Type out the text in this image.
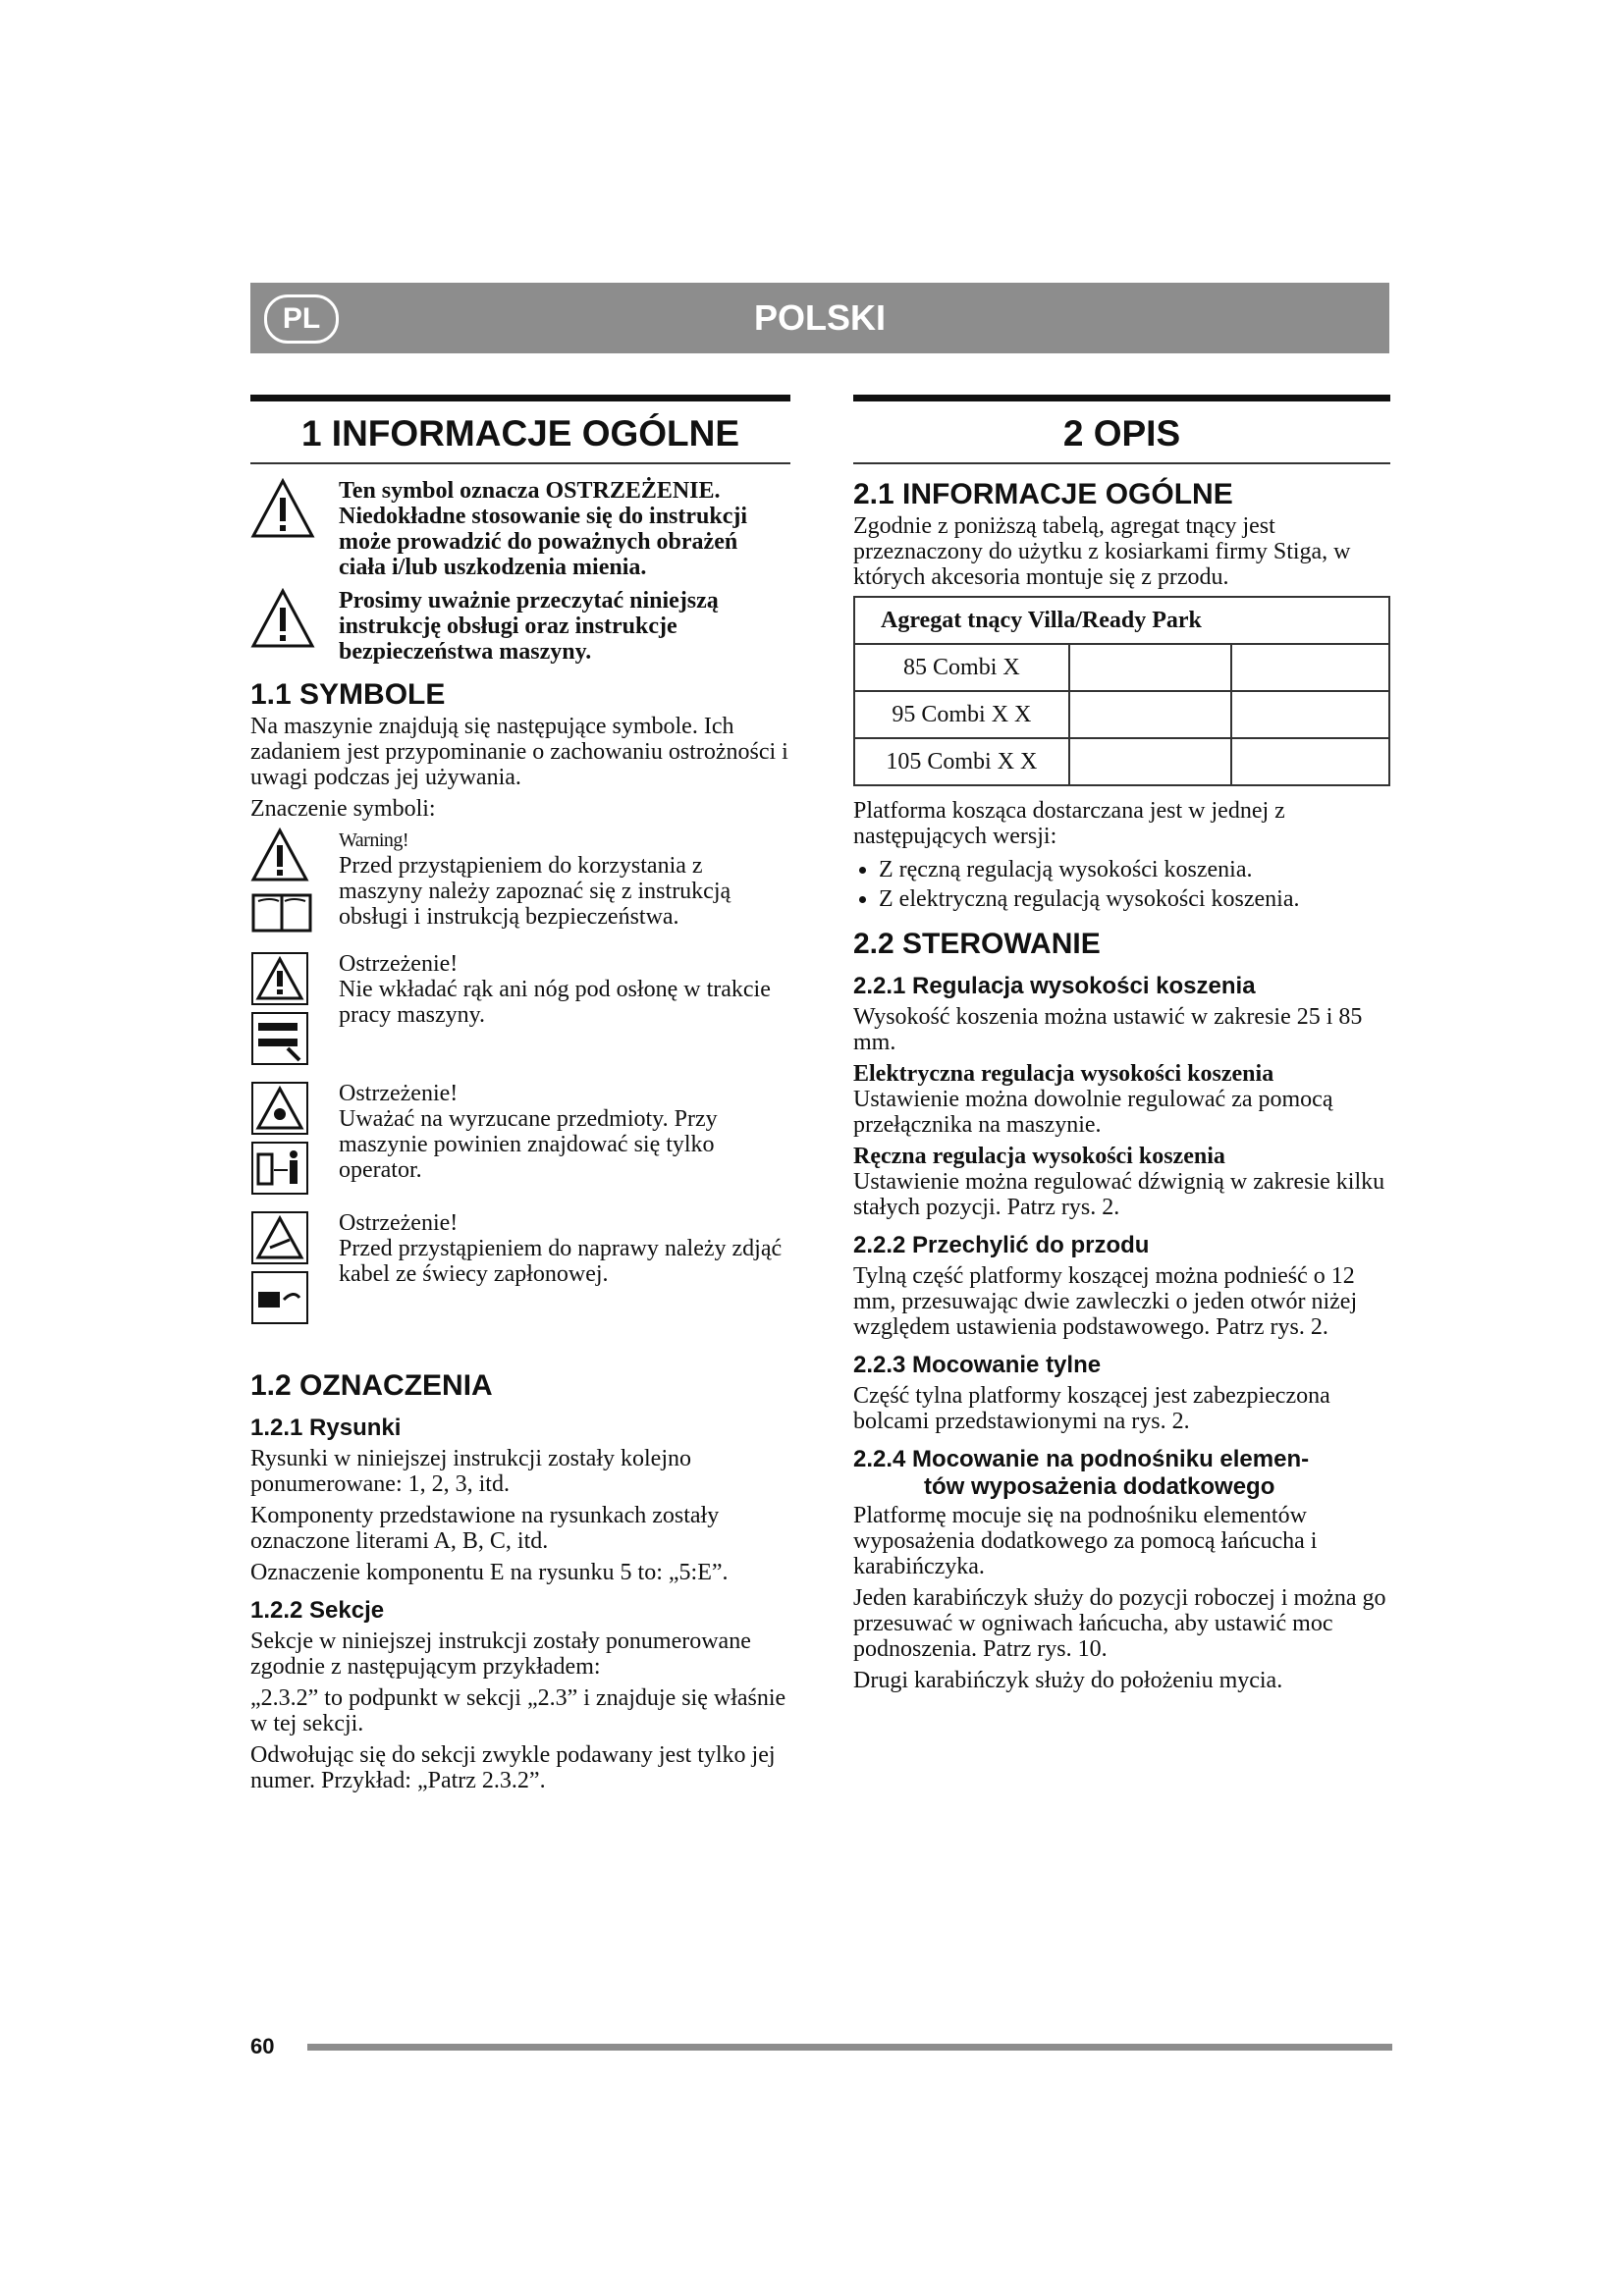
PL	POLSKI
1 INFORMACJE OGÓLNE
Ten symbol oznacza OSTRZEŻENIE. Niedokładne stosowanie się do instrukcji może prowadzić do poważnych obrażeń ciała i/lub uszkodzenia mienia.
Prosimy uważnie przeczytać niniejszą instrukcję obsługi oraz instrukcje bezpieczeństwa maszyny.
1.1 SYMBOLE

Na maszynie znajdują się następujące symbole. Ich zadaniem jest przypominanie o zachowaniu ostrożności i uwagi podczas jej używania.

Znaczenie symboli:

Warning!
Przed przystąpieniem do korzystania z maszyny należy zapoznać się z instrukcją obsługi i instrukcją bezpieczeństwa.

Ostrzeżenie!
Nie wkładać rąk ani nóg pod osłonę w trakcie pracy maszyny.

Ostrzeżenie!
Uważać na wyrzucane przedmioty. Przy maszynie powinien znajdować się tylko operator.

Ostrzeżenie!
Przed przystąpieniem do naprawy należy zdjąć kabel ze świecy zapłonowej.
1.2 OZNACZENIA
1.2.1 Rysunki

Rysunki w niniejszej instrukcji zostały kolejno ponumerowane: 1, 2, 3, itd.

Komponenty przedstawione na rysunkach zostały oznaczone literami A, B, C, itd.

Oznaczenie komponentu E na rysunku 5 to: „5:E”.

1.2.2 Sekcje

Sekcje w niniejszej instrukcji zostały ponumerowane zgodnie z następującym przykładem:

„2.3.2” to podpunkt w sekcji „2.3” i znajduje się właśnie w tej sekcji.

Odwołując się do sekcji zwykle podawany jest tylko jej numer. Przykład: „Patrz 2.3.2”.

2 OPIS
2.1 INFORMACJE OGÓLNE

Zgodnie z poniższą tabelą, agregat tnący jest przeznaczony do użytku z kosiarkami firmy Stiga, w których akcesoria montuje się z przodu.

Agregat tnący Villa/Ready Park		
85 Combi X		
95 Combi X X		
105 Combi X X		

Platforma kosząca dostarczana jest w jednej z następujących wersji:

• Z ręczną regulacją wysokości koszenia.
• Z elektryczną regulacją wysokości koszenia.
2.2 STEROWANIE
2.2.1 Regulacja wysokości koszenia

Wysokość koszenia można ustawić w zakresie 25 i 85 mm.

Elektryczna regulacja wysokości koszenia

Ustawienie można dowolnie regulować za pomocą przełącznika na maszynie.

Ręczna regulacja wysokości koszenia

Ustawienie można regulować dźwignią w zakresie kilku stałych pozycji. Patrz rys. 2.

2.2.2 Przechylić do przodu

Tylną część platformy koszącej można podnieść o 12 mm, przesuwając dwie zawleczki o jeden otwór niżej względem ustawienia podstawowego. Patrz rys. 2.

2.2.3 Mocowanie tylne

Część tylna platformy koszącej jest zabezpieczona bolcami przedstawionymi na rys. 2.

2.2.4 Mocowanie na podnośniku elemen-
tów wyposażenia dodatkowego

Platformę mocuje się na podnośniku elementów wyposażenia dodatkowego za pomocą łańcucha i karabińczyka.

Jeden karabińczyk służy do pozycji roboczej i można go przesuwać w ogniwach łańcucha, aby ustawić moc podnoszenia. Patrz rys. 10.

Drugi karabińczyk służy do położeniu mycia.

60
